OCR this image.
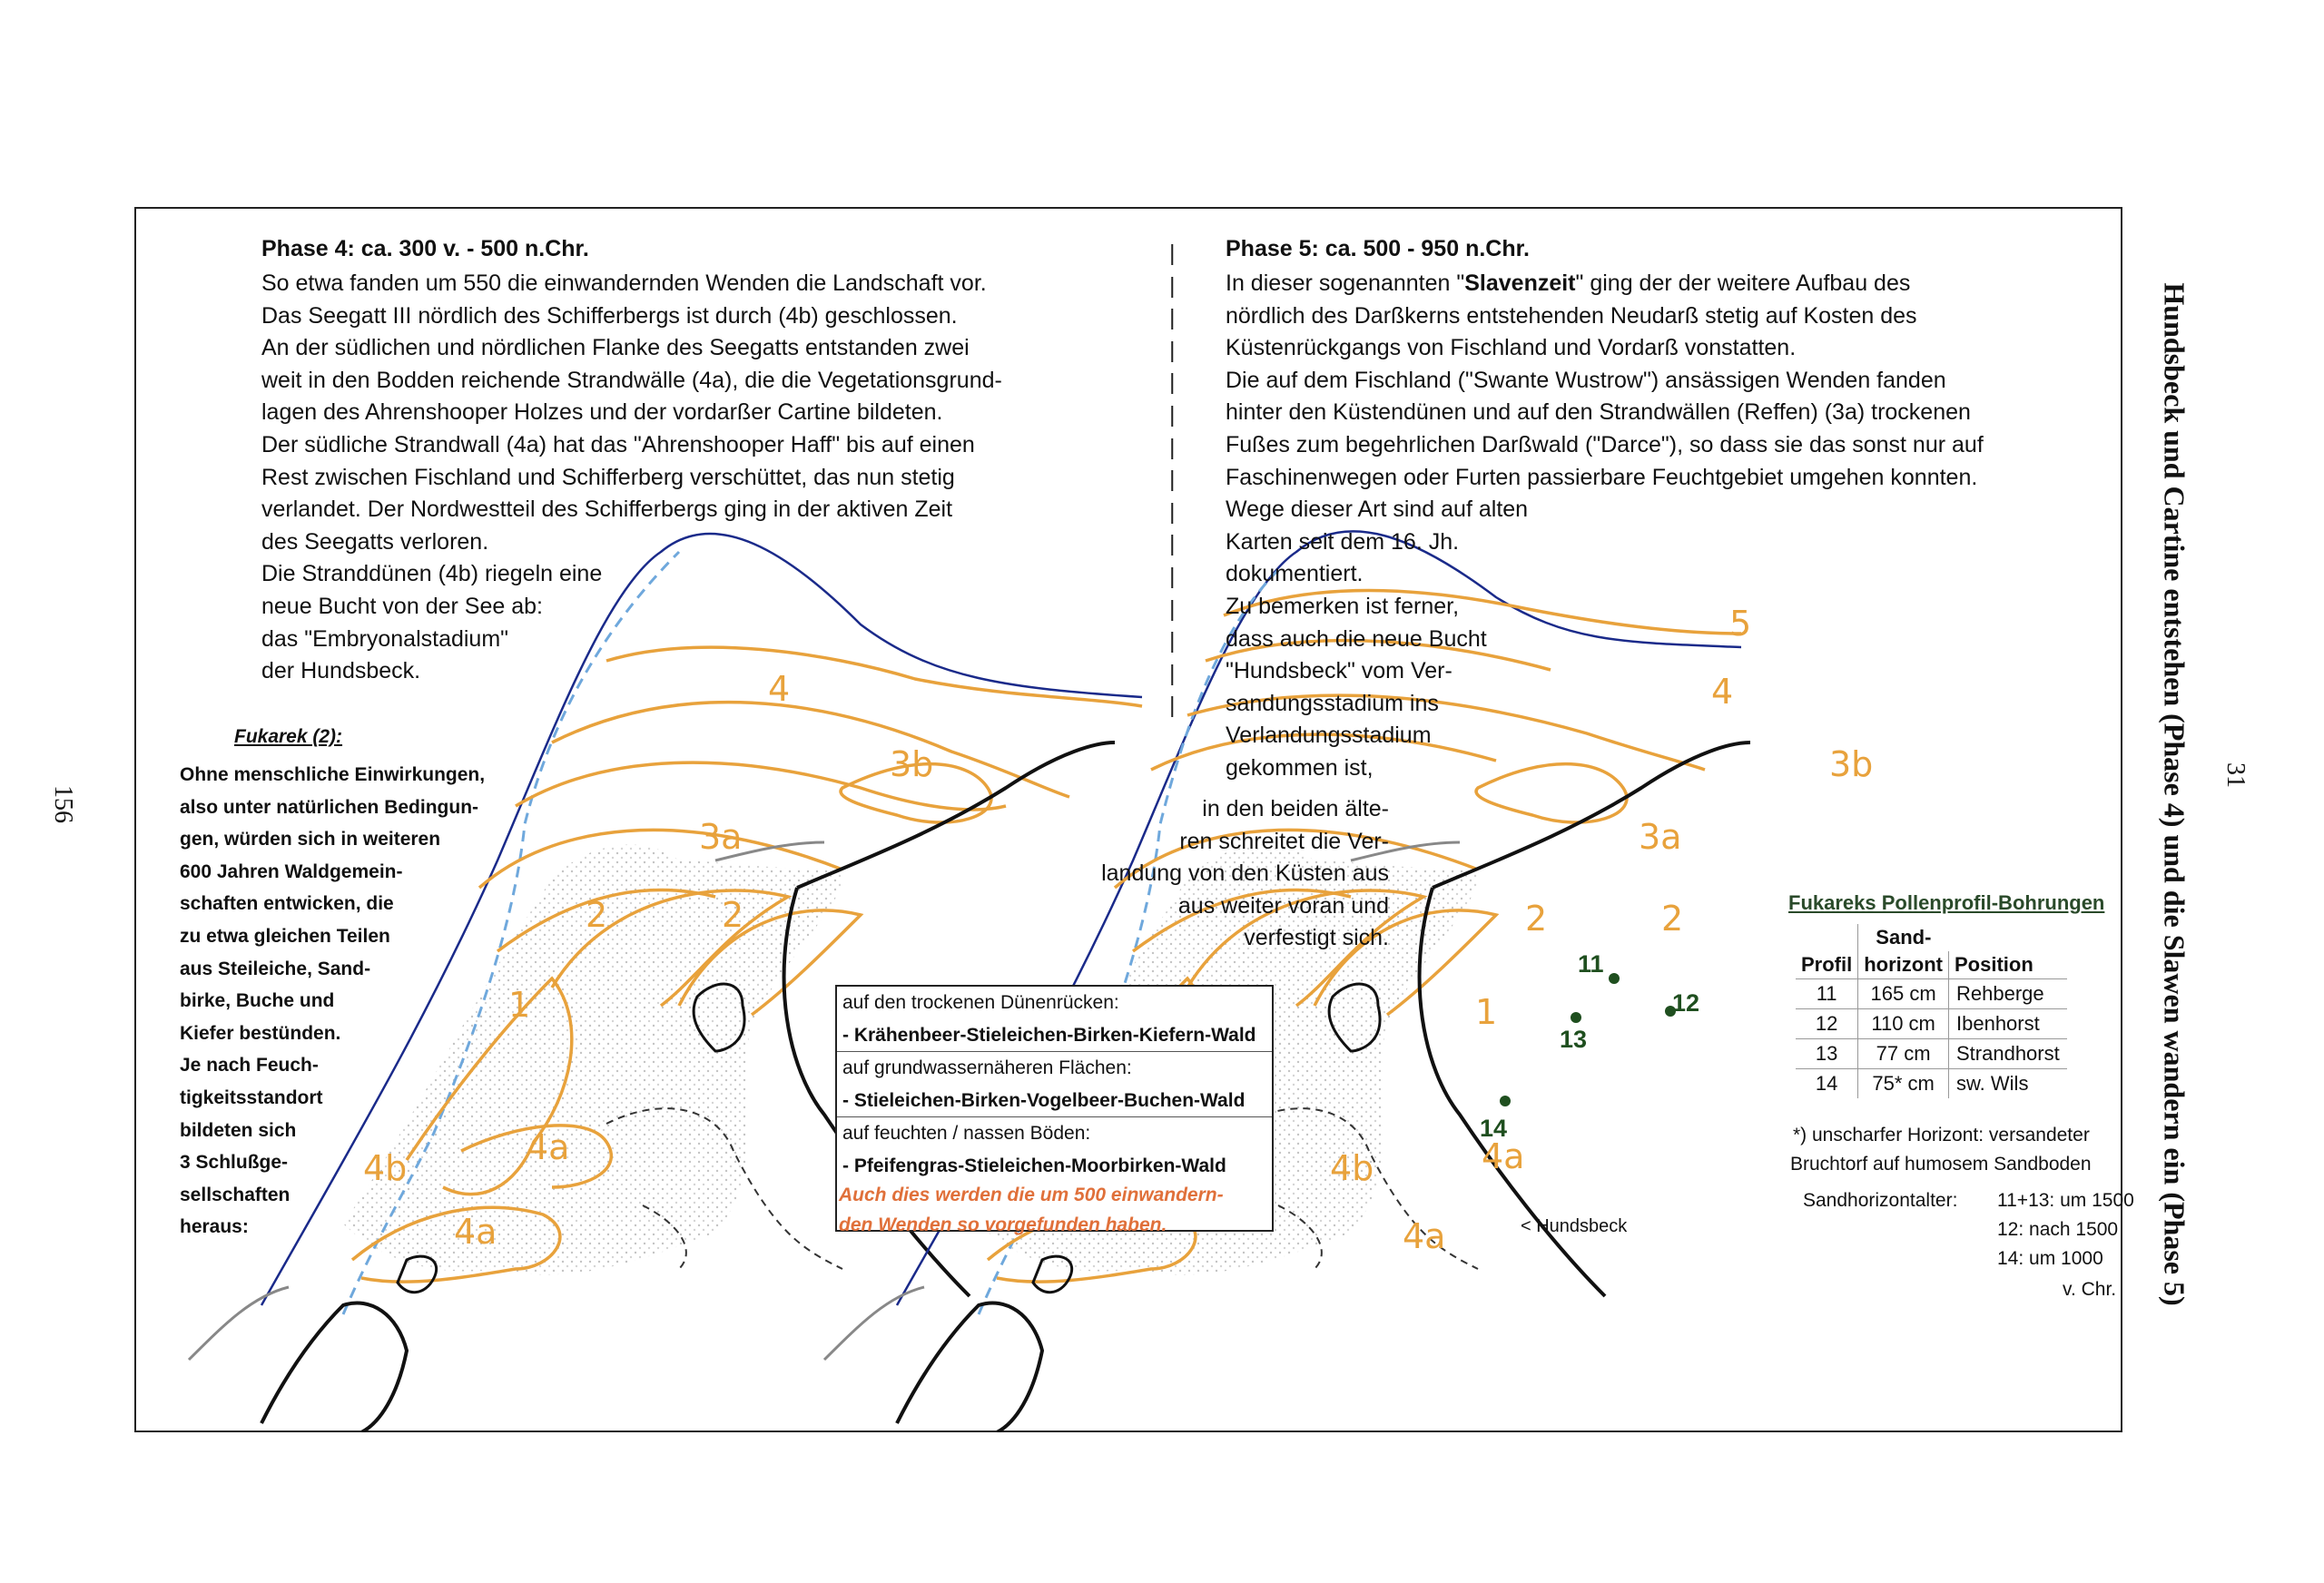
4
3b
3a
2	2
1
4b
4a
4a
5
4
3b
3a
2	2
1
4b	4a
4a
11
12
13
14
< Hundsbeck
Phase 4: ca. 300 v. - 500 n.Chr.
So etwa fanden um 550 die einwandernden Wenden die Landschaft vor.
Das Seegatt III nördlich des Schifferbergs ist durch (4b) geschlossen.
An der südlichen und nördlichen Flanke des Seegatts entstanden zwei
weit in den Bodden reichende Strandwälle (4a), die die Vegetationsgrund-
lagen des Ahrenshooper Holzes und der vordarßer Cartine bildeten.
Der südliche Strandwall (4a) hat das "Ahrenshooper Haff" bis auf einen
Rest zwischen Fischland und Schifferberg verschüttet, das nun stetig
verlandet. Der Nordwestteil des Schifferbergs ging in der aktiven Zeit
des Seegatts verloren.
Die Stranddünen (4b) riegeln eine
neue Bucht von der See ab:
das "Embryonalstadium"
der Hundsbeck.
Fukarek (2):
Ohne menschliche Einwirkungen,
also unter natürlichen Bedingun-
gen, würden sich in weiteren
600 Jahren Waldgemein-
schaften entwicken, die
zu etwa gleichen Teilen
aus Steileiche, Sand-
birke, Buche und
Kiefer bestünden.
Je nach Feuch-
tigkeitsstandort
bildeten sich
3 Schlußge-
sellschaften
heraus:
|
|
|
|
|
|
|
|
|
|
|
|
|
|
|
Phase 5: ca. 500 - 950 n.Chr.
In dieser sogenannten "Slavenzeit" ging der der weitere Aufbau des
nördlich des Darßkerns entstehenden Neudarß stetig auf Kosten des
Küstenrückgangs von Fischland und Vordarß vonstatten.
Die auf dem Fischland ("Swante Wustrow") ansässigen Wenden fanden
hinter den Küstendünen und auf den Strandwällen (Reffen) (3a) trockenen
Fußes zum begehrlichen Darßwald ("Darce"), so dass sie das sonst nur auf
Faschinenwegen oder Furten passierbare Feuchtgebiet umgehen konnten.
Wege dieser Art sind auf alten
Karten seit dem 16. Jh.
dokumentiert.
Zu bemerken ist ferner,
dass auch die neue Bucht
"Hundsbeck" vom Ver-
sandungsstadium ins
Verlandungsstadium
gekommen ist,
in den beiden älte-
ren schreitet die Ver-
landung von den Küsten aus
aus weiter voran und
verfestigt sich.
auf den trockenen Dünenrücken:
- Krähenbeer-Stieleichen-Birken-Kiefern-Wald
auf grundwassernäheren Flächen:
- Stieleichen-Birken-Vogelbeer-Buchen-Wald
auf feuchten / nassen Böden:
- Pfeifengras-Stieleichen-Moorbirken-Wald
Auch dies werden die um 500 einwandern-
den Wenden so vorgefunden haben.
Fukareks Pollenprofil-Bohrungen
	Sand-	
Profil	horizont	Position
11	165 cm	Rehberge
12	110 cm	Ibenhorst
13	77 cm	Strandhorst
14	75* cm	sw. Wils
*) unscharfer Horizont: versandeter
Bruchtorf auf humosem Sandboden
Sandhorizontalter: 11+13: um 1500
12: nach 1500
14: um 1000
v. Chr. Hundsbeck und Cartine entstehen (Phase 4) und die Slawen wandern ein (Phase 5)
156
31
